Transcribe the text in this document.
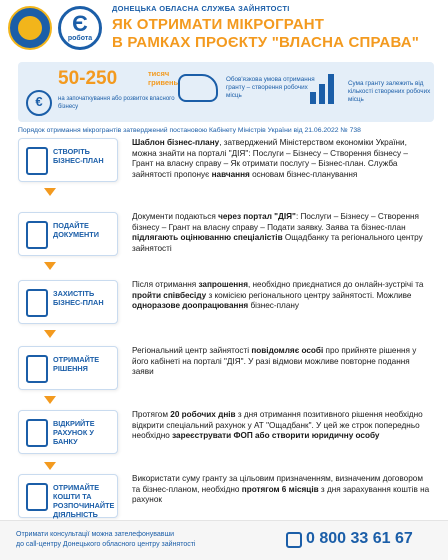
Є
робота
ДОНЕЦЬКА ОБЛАСНА СЛУЖБА ЗАЙНЯТОСТІ
ЯК ОТРИМАТИ МІКРОГРАНТ
В РАМКАХ ПРОЄКТУ "ВЛАСНА СПРАВА"
€
50-250	тисяч
гривень
на започаткування або розвиток власного бізнесу
Обов'язкова умова отримання гранту – створення робочих місць
Сума гранту залежить від кількості створених робочих місць
Порядок отримання мікрогрантів затверджений постановою Кабінету Міністрів України від 21.06.2022 № 738
СТВОРІТЬ БІЗНЕС-ПЛАН
Шаблон бізнес-плану, затверджений Міністерством економіки України, можна знайти на порталі "ДІЯ": Послуги – Бізнесу – Створення бізнесу – Грант на власну справу – Як отримати послугу – Бізнес-план. Служба зайнятості пропонує навчання основам бізнес-планування
ПОДАЙТЕ ДОКУМЕНТИ
Документи подаються через портал "ДІЯ": Послуги – Бізнесу – Створення бізнесу – Грант на власну справу – Подати заявку. Заява та бізнес-план підлягають оцінюванню спеціалістів Ощадбанку та регіонального центру зайнятості
ЗАХИСТІТЬ БІЗНЕС-ПЛАН
Після отримання запрошення, необхідно приєднатися до онлайн-зустрічі та пройти співбесіду з комісією регіонального центру зайнятості. Можливе одноразове доопрацювання бізнес-плану
ОТРИМАЙТЕ РІШЕННЯ
Регіональний центр зайнятості повідомляє особі про прийняте рішення у його кабінеті на порталі "ДІЯ". У разі відмови можливе повторне подання заяви
ВІДКРИЙТЕ РАХУНОК У БАНКУ
Протягом 20 робочих днів з дня отримання позитивного рішення необхідно відкрити спеціальний рахунок у АТ "Ощадбанк". У цей же строк попередньо необхідно зареєструвати ФОП або створити юридичну особу
ОТРИМАЙТЕ КОШТИ ТА РОЗПОЧИНАЙТЕ ДІЯЛЬНІСТЬ
Використати суму гранту за цільовим призначенням, визначеним договором та бізнес-планом, необхідно протягом 6 місяців з дня зарахування коштів на рахунок
Отримати консультації можна зателефонувавши
до call-центру Донецького обласного центру зайнятості	0 800 33 61 67
